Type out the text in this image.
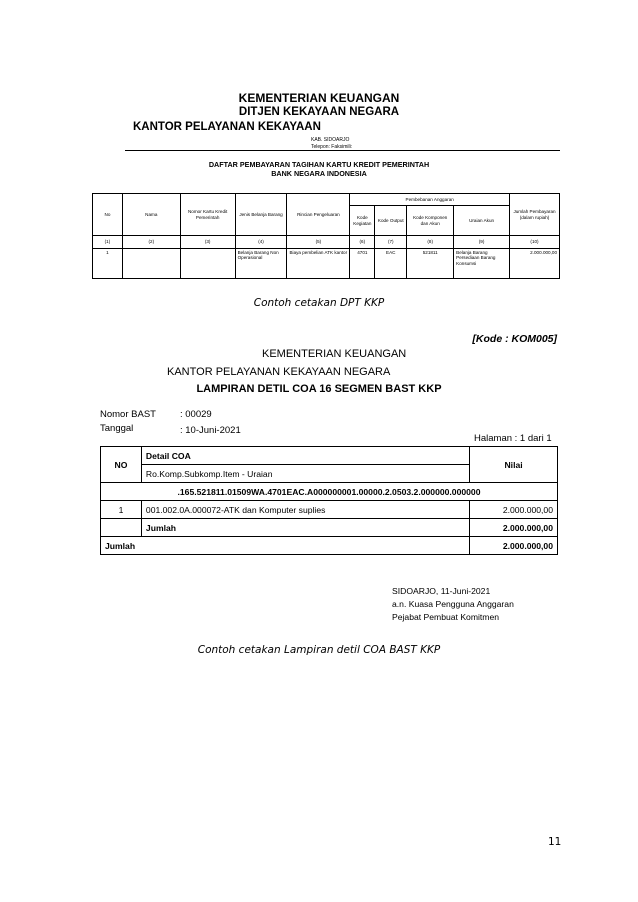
KEMENTERIAN KEUANGAN
DITJEN KEKAYAAN NEGARA
KANTOR PELAYANAN KEKAYAAN
KAB. SIDOARJO
Telepon: Faksimili:
DAFTAR PEMBAYARAN TAGIHAN KARTU KREDIT PEMERINTAH
BANK NEGARA INDONESIA
No	Nama	Nomor Kartu Kredit Pemerintah	Jenis Belanja Barang	Rincian Pengeluaran	Pembebanan Anggaran				Jumlah Pembayaran (dalam rupiah)
					Kode Kegiatan	Kode Output	Kode Komponen dan Akun	Uraian Akun	
(1)	(2)	(3)	(4)	(5)	(6)	(7)	(8)	(9)	(10)
1			Belanja Barang Non Operasional	Biaya pembelian ATK kantor	4701	EAC	521811	Belanja Barang Persediaan Barang Konsumsi	2.000.000,00
Contoh cetakan DPT KKP
[Kode : KOM005]
KEMENTERIAN KEUANGAN
KANTOR PELAYANAN KEKAYAAN NEGARA
LAMPIRAN DETIL COA 16 SEGMEN BAST KKP
Nomor BAST	: 00029
Tanggal	: 10-Juni-2021
Halaman : 1 dari 1
NO	Detail COA	Nilai
	Ro.Komp.Subkomp.Item - Uraian	
.165.521811.01509WA.4701EAC.A000000001.00000.2.0503.2.000000.000000		
1	001.002.0A.000072-ATK dan Komputer suplies	2.000.000,00
	Jumlah	2.000.000,00
Jumlah		2.000.000,00
SIDOARJO, 11-Juni-2021
a.n. Kuasa Pengguna Anggaran
Pejabat Pembuat Komitmen
Contoh cetakan Lampiran detil COA BAST KKP
11
